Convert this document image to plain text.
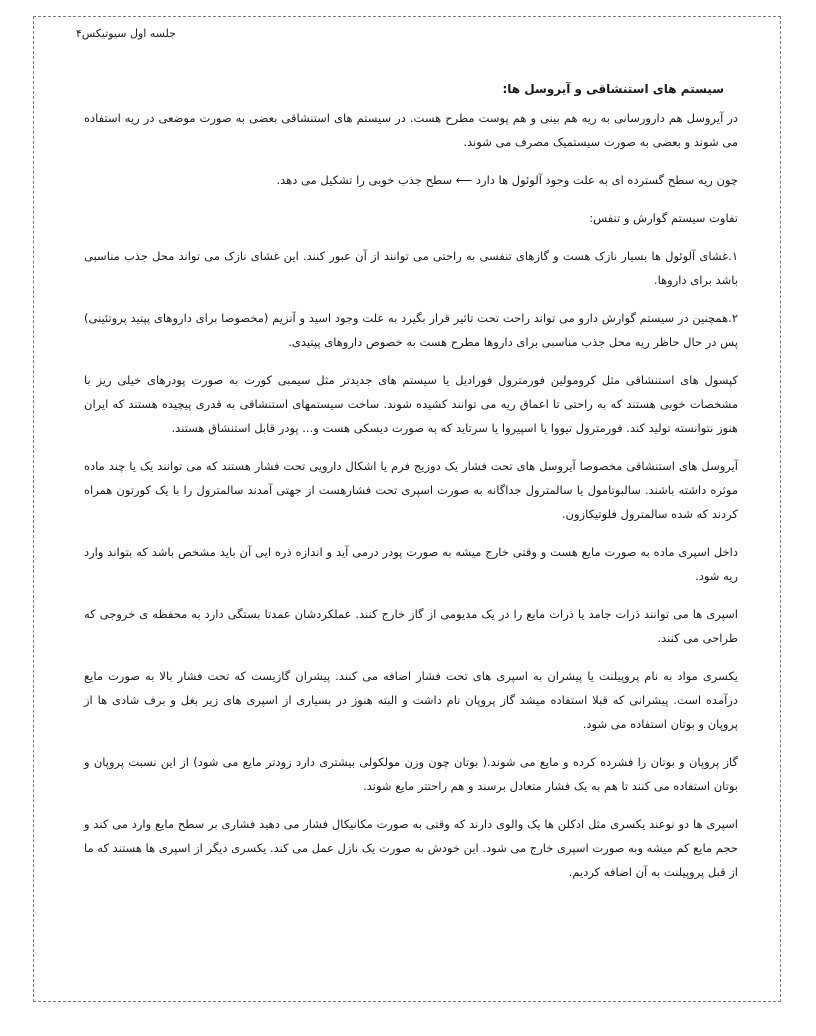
جلسه اول سیوتیکس۴

سیستم های استنشاقی و آیروسل ها:

در آیروسل هم دارورسانی به ریه هم بینی و هم پوست مطرح هست. در سیستم های استنشاقی بعضی به صورت موضعی در ریه استفاده می شوند و بعضی به صورت سیستمیک مصرف می شوند.

چون ریه سطح گسترده ای به علت وجود آلوئول ها دارد ⟵ سطح جذب خوبی را تشکیل می دهد.

تفاوت سیستم گوارش و تنفس:

۱.غشای آلوئول ها بسیار نازک هست و گازهای تنفسی به راحتی می توانند از آن عبور کنند. این غشای نازک می تواند محل جذب مناسبی باشد برای داروها.

۲.همچنین در سیستم گوارش دارو می تواند راحت تحت تاثیر قرار بگیرد به علت وجود اسید و آنزیم (مخصوصا برای داروهای پپتید پروتئینی) پس در حال حاظر ریه محل جذب مناسبی برای داروها مطرح هست به خصوص داروهای پپتیدی.

کپسول های استنشاقی مثل کرومولین فورمترول فورادیل یا سیستم های جدیدتر مثل سیمبی کورت به صورت پودرهای خیلی ریز با مشخصات خوبی هستند که به راحتی تا اعماق ریه می توانند کشیده شوند. ساخت سیستمهای استنشاقی به قدری پیچیده هستند که ایران هنوز نتوانسته تولید کند. فورمترول تیووا یا اسپیروا یا سرتاید که به صورت دیسکی هست و... پودر قابل استنشاق هستند.

آیروسل های استنشاقی مخصوصا آیروسل های تحت فشار یک دوزیج فرم یا اشکال دارویی تحت فشار هستند که می توانند یک یا چند ماده موثره داشته باشند. سالبوتامول یا سالمترول جداگانه به صورت اسپری تحت فشارهست از جهتی آمدند سالمترول را با یک کورتون همراه کردند که شده سالمترول فلوتیکازون.

داخل اسپری ماده به صورت مایع هست و وقتی خارج میشه به صورت پودر درمی آید و اندازه ذره ایی آن باید مشخص باشد که بتواند وارد ریه شود.

اسپری ها می توانند ذرات جامد یا ذرات مایع را در یک مدیومی از گاز خارج کنند. عملکردشان عمدتا بستگی دارد به محفظه ی خروجی که طراحی می کنند.

یکسری مواد به نام پروپیلنت یا پیشران به اسپری های تحت فشار اضافه می کنند. پیشران گازیست که تحت فشار بالا به صورت مایع درآمده است. پیشرانی که قبلا استفاده میشد گاز پروپان نام داشت و البته هنوز در بسیاری از اسپری های زیر بغل و برف شادی ها از پروپان و بوتان استفاده می شود.

گاز پروپان و بوتان را فشرده کرده و مایع می شوند.( بوتان چون وزن مولکولی بیشتری دارد زودتر مایع می شود) از این نسبت پروپان و بوتان استفاده می کنند تا هم به یک فشار متعادل برسند و هم راحتتر مایع شوند.

اسپری ها دو نوعند یکسری مثل ادکلن ها یک والوی دارند که وقتی به صورت مکانیکال فشار می دهید فشاری بر سطح مایع وارد می کند و حجم مایع کم میشه وبه صورت اسپری خارج می شود. این خودش به صورت یک نازل عمل می کند. یکسری دیگر از اسپری ها هستند که ما از قبل پروپیلنت به آن اضافه کردیم.
